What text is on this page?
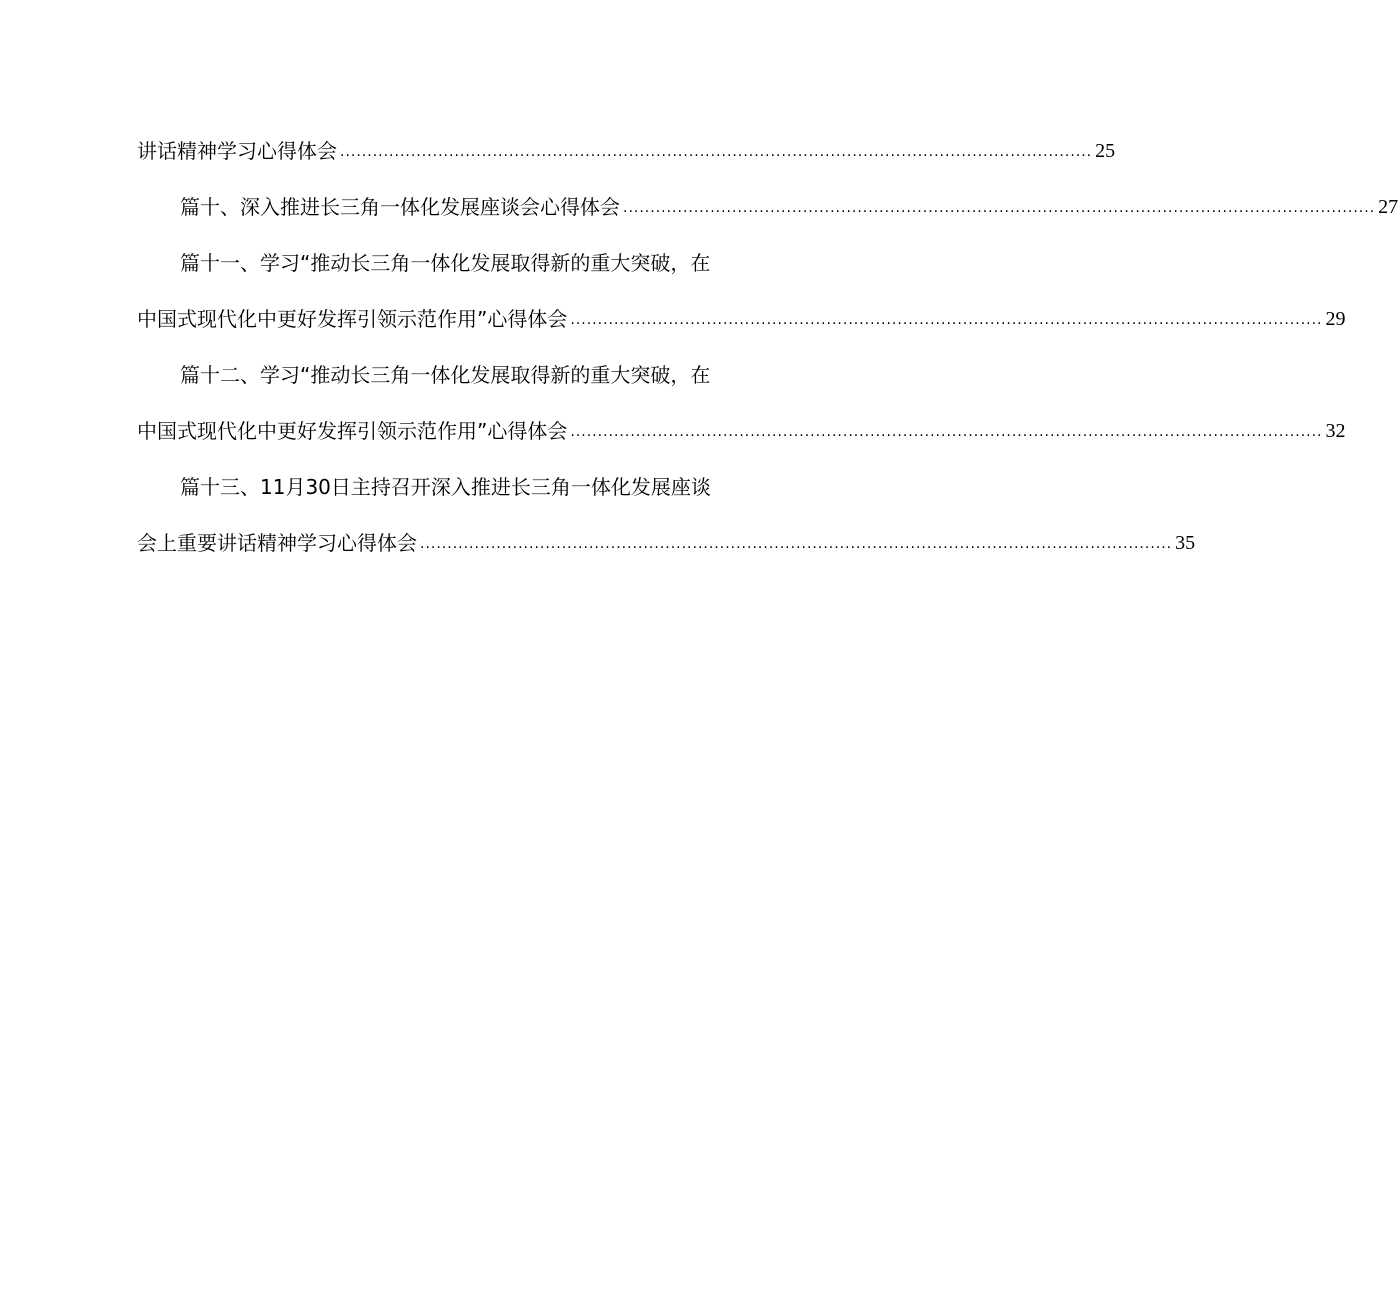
讲话精神学习心得体会 .......................................................................................................................................... 25
篇十、深入推进长三角一体化发展座谈会心得体会 .......................................................................................................................................... 27
篇十一、学习“推动长三角一体化发展取得新的重大突破，在
中国式现代化中更好发挥引领示范作用”心得体会 .......................................................................................................................................... 29
篇十二、学习“推动长三角一体化发展取得新的重大突破，在
中国式现代化中更好发挥引领示范作用”心得体会 .......................................................................................................................................... 32
篇十三、11月30日主持召开深入推进长三角一体化发展座谈
会上重要讲话精神学习心得体会 .......................................................................................................................................... 35
